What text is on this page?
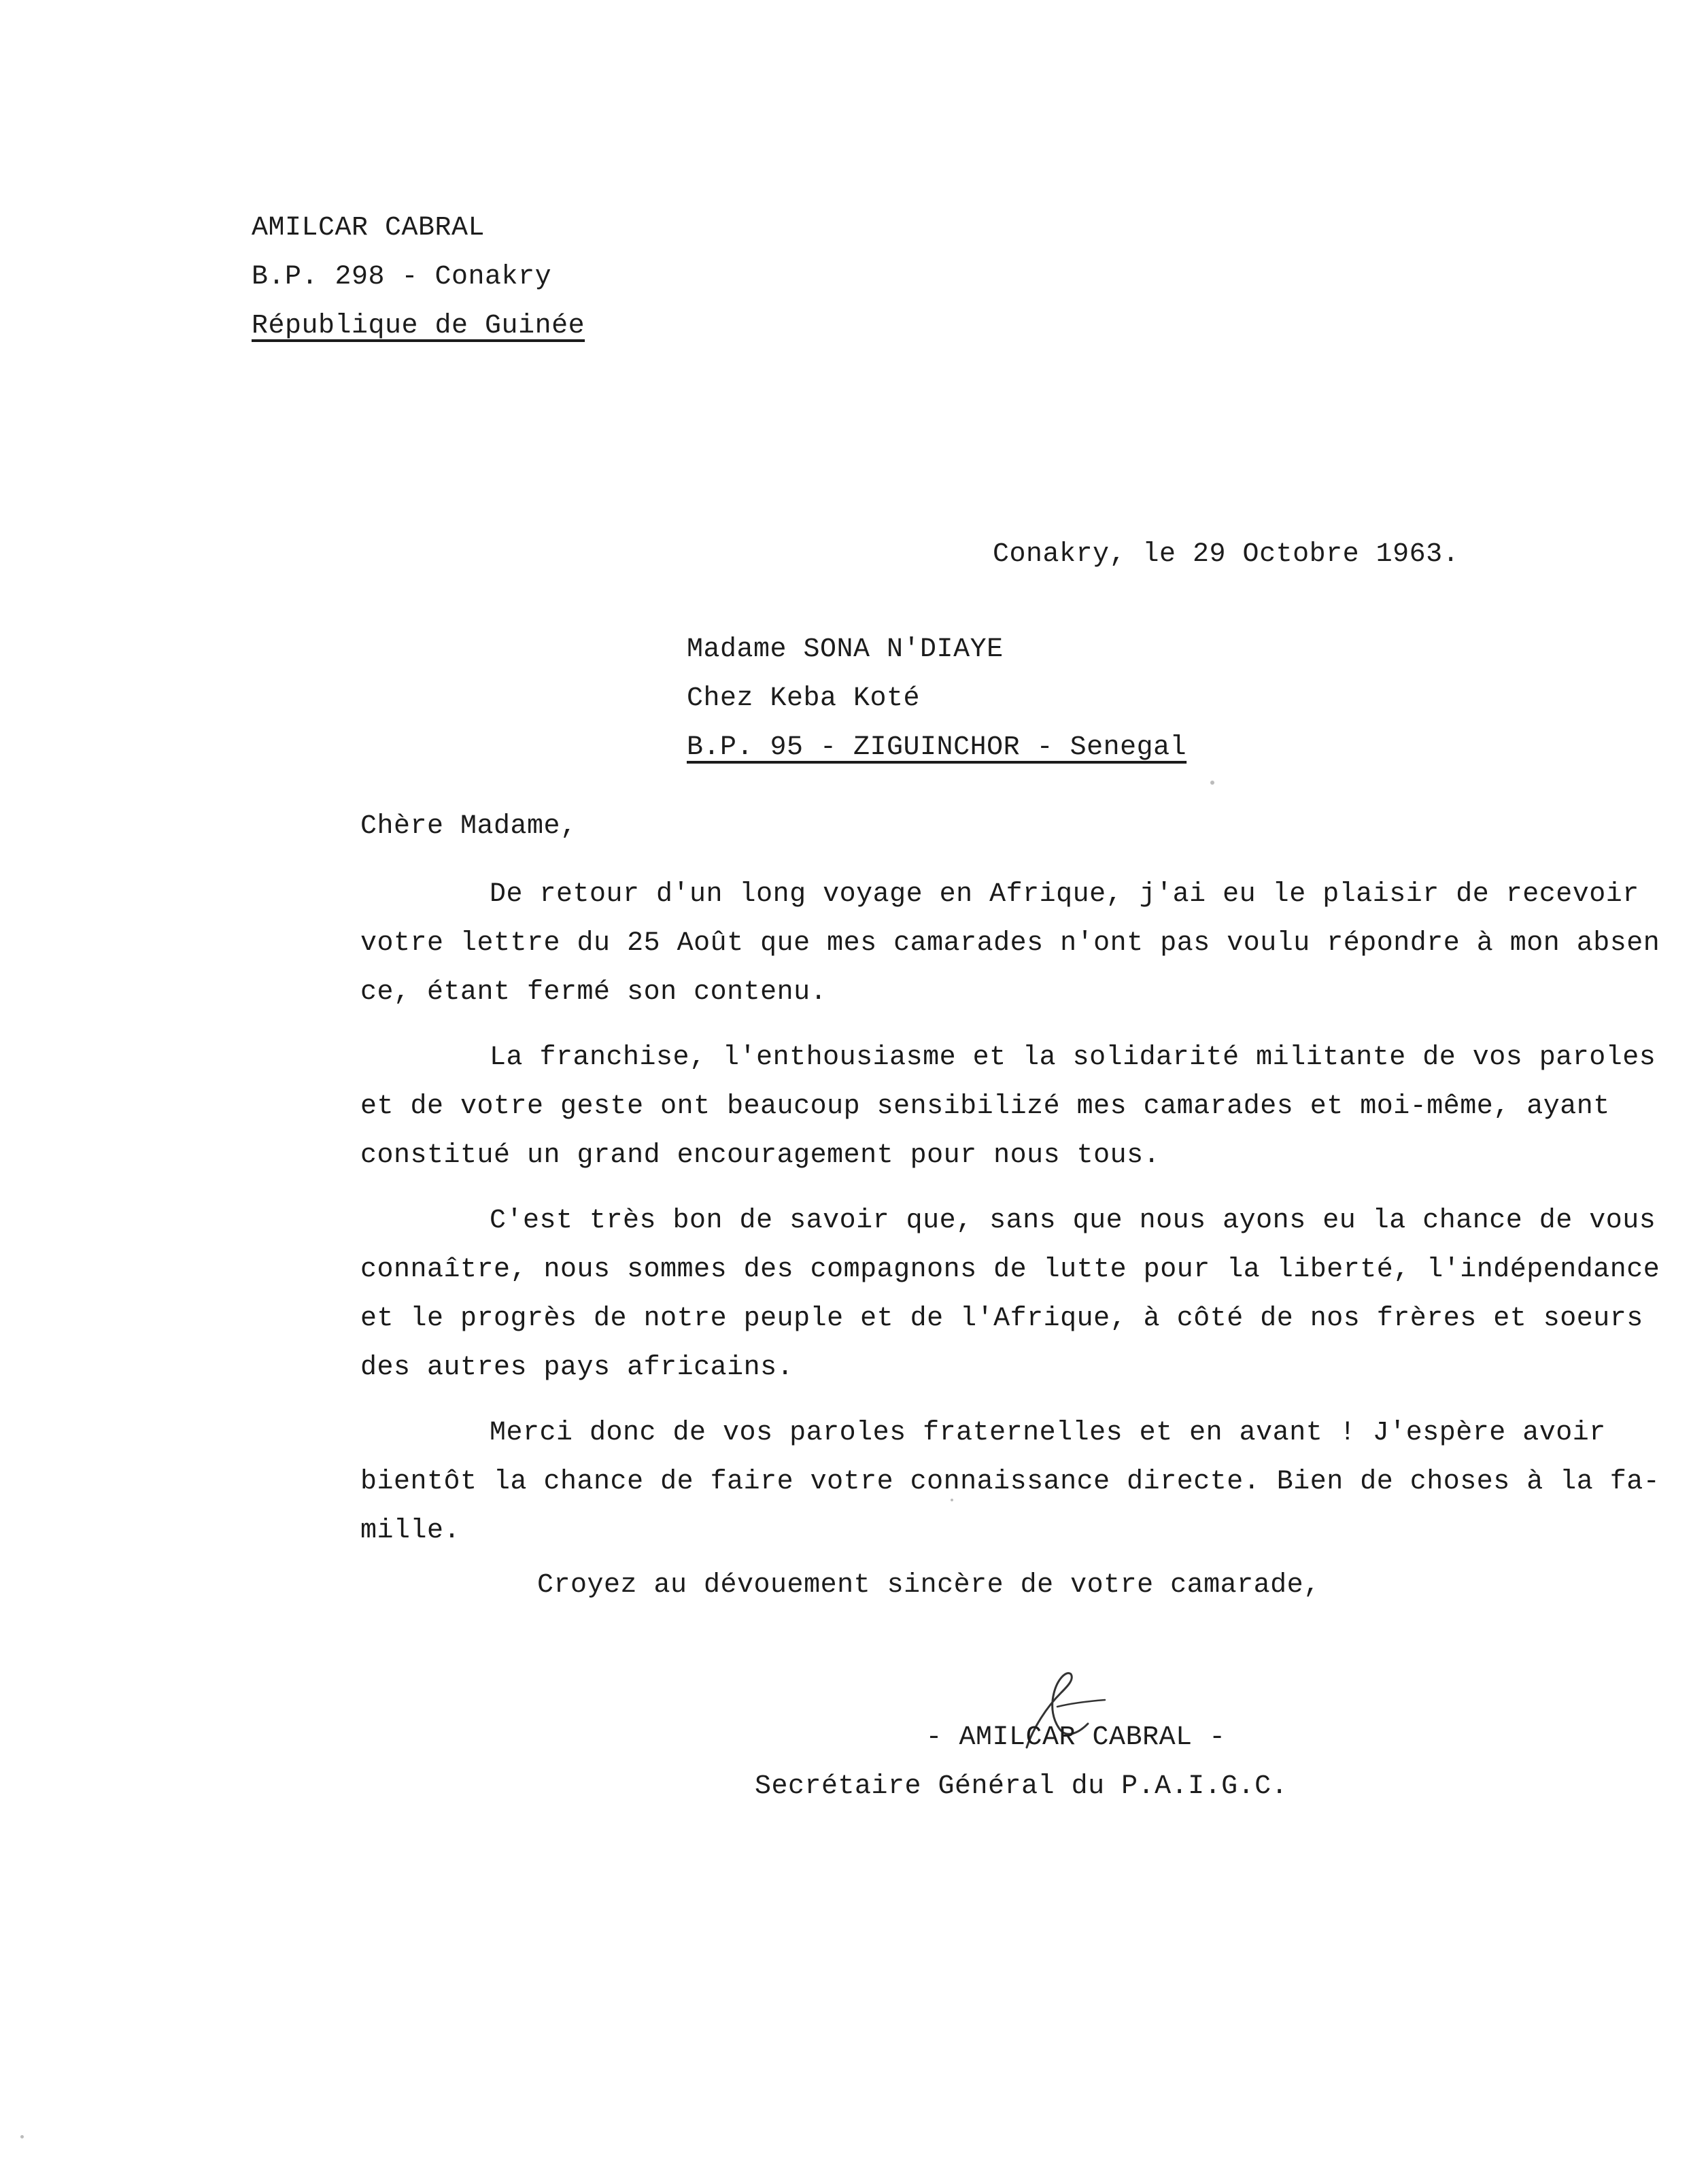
AMILCAR CABRAL
B.P. 298 - Conakry
République de Guinée
Conakry, le 29 Octobre 1963.
Madame SONA N'DIAYE
Chez Keba Koté
B.P. 95 - ZIGUINCHOR - Senegal
Chère Madame,

De retour d'un long voyage en Afrique, j'ai eu le plaisir de recevoir
votre lettre du 25 Août que mes camarades n'ont pas voulu répondre à mon absen
ce, étant fermé son contenu.

La franchise, l'enthousiasme et la solidarité militante de vos paroles
et de votre geste ont beaucoup sensibilizé mes camarades et moi-même, ayant
constitué un grand encouragement pour nous tous.

C'est très bon de savoir que, sans que nous ayons eu la chance de vous
connaître, nous sommes des compagnons de lutte pour la liberté, l'indépendance
et le progrès de notre peuple et de l'Afrique, à côté de nos frères et soeurs
des autres pays africains.

Merci donc de vos paroles fraternelles et en avant ! J'espère avoir
bientôt la chance de faire votre connaissance directe. Bien de choses à la fa-
mille.

Croyez au dévouement sincère de votre camarade,
- AMILCAR CABRAL -
Secrétaire Général du P.A.I.G.C.
